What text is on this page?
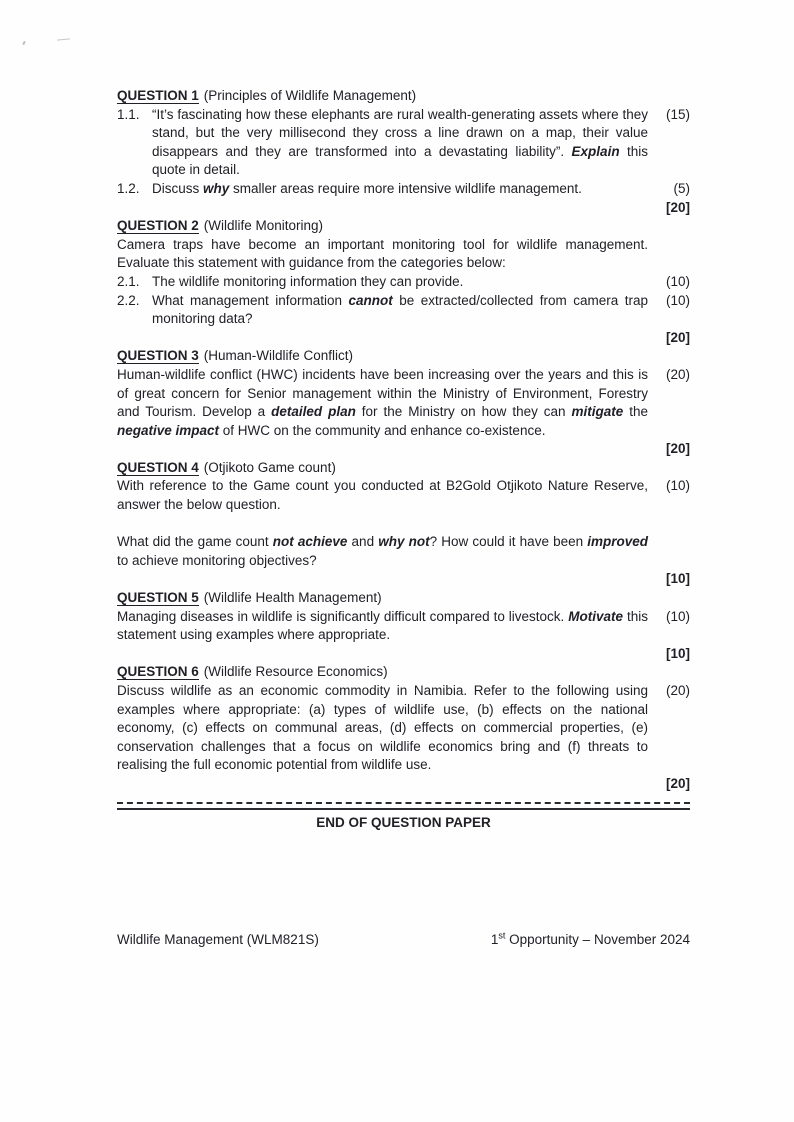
QUESTION 1 (Principles of Wildlife Management)
1.1. “It’s fascinating how these elephants are rural wealth-generating assets where they stand, but the very millisecond they cross a line drawn on a map, their value disappears and they are transformed into a devastating liability”. Explain this quote in detail.
(15)
1.2. Discuss why smaller areas require more intensive wildlife management.	(5)
[20]
QUESTION 2 (Wildlife Monitoring)
Camera traps have become an important monitoring tool for wildlife management. Evaluate this statement with guidance from the categories below:
2.1. The wildlife monitoring information they can provide.	(10)
2.2. What management information cannot be extracted/collected from camera trap monitoring data?
(10)
[20]
QUESTION 3 (Human-Wildlife Conflict)
Human-wildlife conflict (HWC) incidents have been increasing over the years and this is of great concern for Senior management within the Ministry of Environment, Forestry and Tourism. Develop a detailed plan for the Ministry on how they can mitigate the negative impact of HWC on the community and enhance co-existence.
(20)
[20]
QUESTION 4 (Otjikoto Game count)
With reference to the Game count you conducted at B2Gold Otjikoto Nature Reserve, answer the below question.
(10)
What did the game count not achieve and why not? How could it have been improved to achieve monitoring objectives?
[10]
QUESTION 5 (Wildlife Health Management)
Managing diseases in wildlife is significantly difficult compared to livestock. Motivate this statement using examples where appropriate.
(10)
[10]
QUESTION 6 (Wildlife Resource Economics)
Discuss wildlife as an economic commodity in Namibia. Refer to the following using examples where appropriate: (a) types of wildlife use, (b) effects on the national economy, (c) effects on communal areas, (d) effects on commercial properties, (e) conservation challenges that a focus on wildlife economics bring and (f) threats to realising the full economic potential from wildlife use.
(20)
[20]
END OF QUESTION PAPER
Wildlife Management (WLM821S)	1st Opportunity – November 2024
